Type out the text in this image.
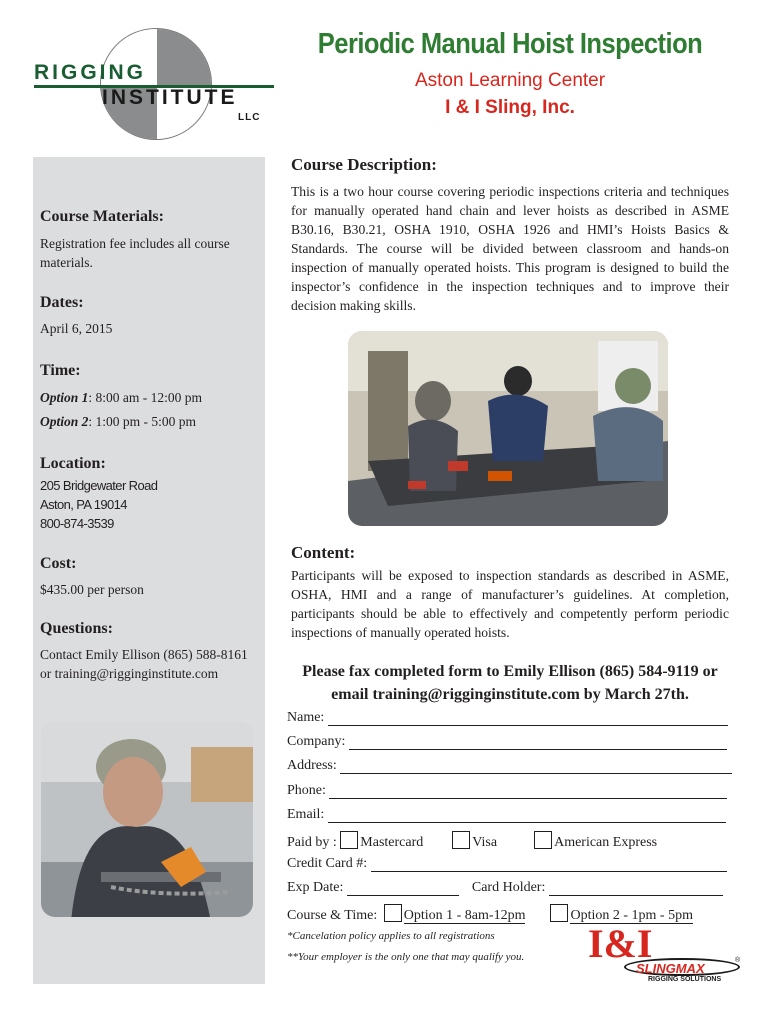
RIGGING
INSTITUTE
LLC
Periodic Manual Hoist Inspection
Aston Learning Center
I & I Sling, Inc.
Course Materials:
Registration fee includes all course materials.
Dates:
April 6, 2015
Time:
Option 1: 8:00 am - 12:00 pm
Option 2: 1:00 pm - 5:00 pm
Location:
205 Bridgewater Road
Aston, PA 19014
800-874-3539
Cost:
$435.00 per person
Questions:
Contact Emily Ellison (865) 588-8161
or training@rigginginstitute.com
Course Description:
This is a two hour course covering periodic inspections criteria and techniques for manually operated hand chain and lever hoists as described in ASME B30.16, B30.21, OSHA 1910, OSHA 1926 and HMI’s Hoists Basics & Standards. The course will be divided between classroom and hands-on inspection of manually operated hoists. This program is designed to build the inspector’s confidence in the inspection techniques and to improve their decision making skills.
Content:
Participants will be exposed to inspection standards as described in ASME, OSHA, HMI and a range of manufacturer’s guidelines. At completion, participants should be able to effectively and competently perform periodic inspections of manually operated hoists.
Please fax completed form to Emily Ellison (865) 584-9119 or
email training@rigginginstitute.com by March 27th.
Name:
Company:
Address:
Phone:
Email:
Paid by : Mastercard	Visa	American Express
Credit Card #:
Exp Date:	Card Holder:
Course & Time: Option 1 - 8am-12pm	Option 2 - 1pm - 5pm
*Cancelation policy applies to all registrations
**Your employer is the only one that may qualify you. I&I
SLINGMAX
®
RIGGING SOLUTIONS
